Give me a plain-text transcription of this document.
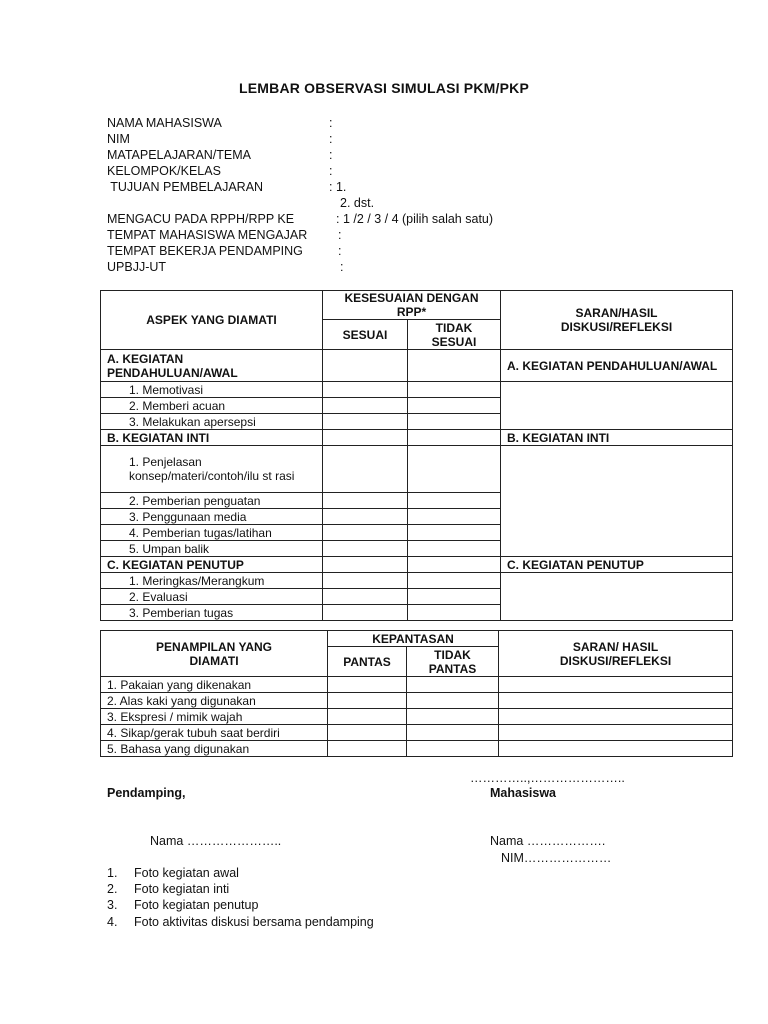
LEMBAR OBSERVASI SIMULASI PKM/PKP
NAMA MAHASISWA	:
NIM	:
MATAPELAJARAN/TEMA	:
KELOMPOK/KELAS	:
TUJUAN PEMBELAJARAN	: 1.
2. dst.
MENGACU PADA RPPH/RPP KE	: 1 /2 / 3 / 4 (pilih salah satu)
TEMPAT MAHASISWA MENGAJAR :
TEMPAT BEKERJA PENDAMPING	:
UPBJJ-UT	:
ASPEK YANG DIAMATI	KESESUAIAN DENGAN RPP*		SARAN/HASIL DISKUSI/REFLEKSI
	SESUAI	TIDAK SESUAI	

A. KEGIATAN PENDAHULUAN/AWAL			A. KEGIATAN PENDAHULUAN/AWAL
1. Memotivasi			
2. Memberi acuan			
3. Melakukan apersepsi			
B. KEGIATAN INTI			B. KEGIATAN INTI
1. Penjelasan konsep/materi/contoh/ilu st rasi			
2. Pemberian penguatan			
3. Penggunaan media			
4. Pemberian tugas/latihan			
5. Umpan balik			
C. KEGIATAN PENUTUP			C. KEGIATAN PENUTUP
1. Meringkas/Merangkum			
2. Evaluasi			
3. Pemberian tugas			
PENAMPILAN YANG DIAMATI	KEPANTASAN		SARAN/ HASIL DISKUSI/REFLEKSI
	PANTAS	TIDAK PANTAS	
1. Pakaian yang dikenakan			
2. Alas kaki yang digunakan			
3. Ekspresi / mimik wajah			
4. Sikap/gerak tubuh saat berdiri			
5. Bahasa yang digunakan			
…………..,…………………..
Pendamping,	Mahasiswa
Nama …………………..	Nama ……………….
NIM…………………
1. Foto kegiatan awal
2. Foto kegiatan inti
3. Foto kegiatan penutup
4. Foto aktivitas diskusi bersama pendamping
